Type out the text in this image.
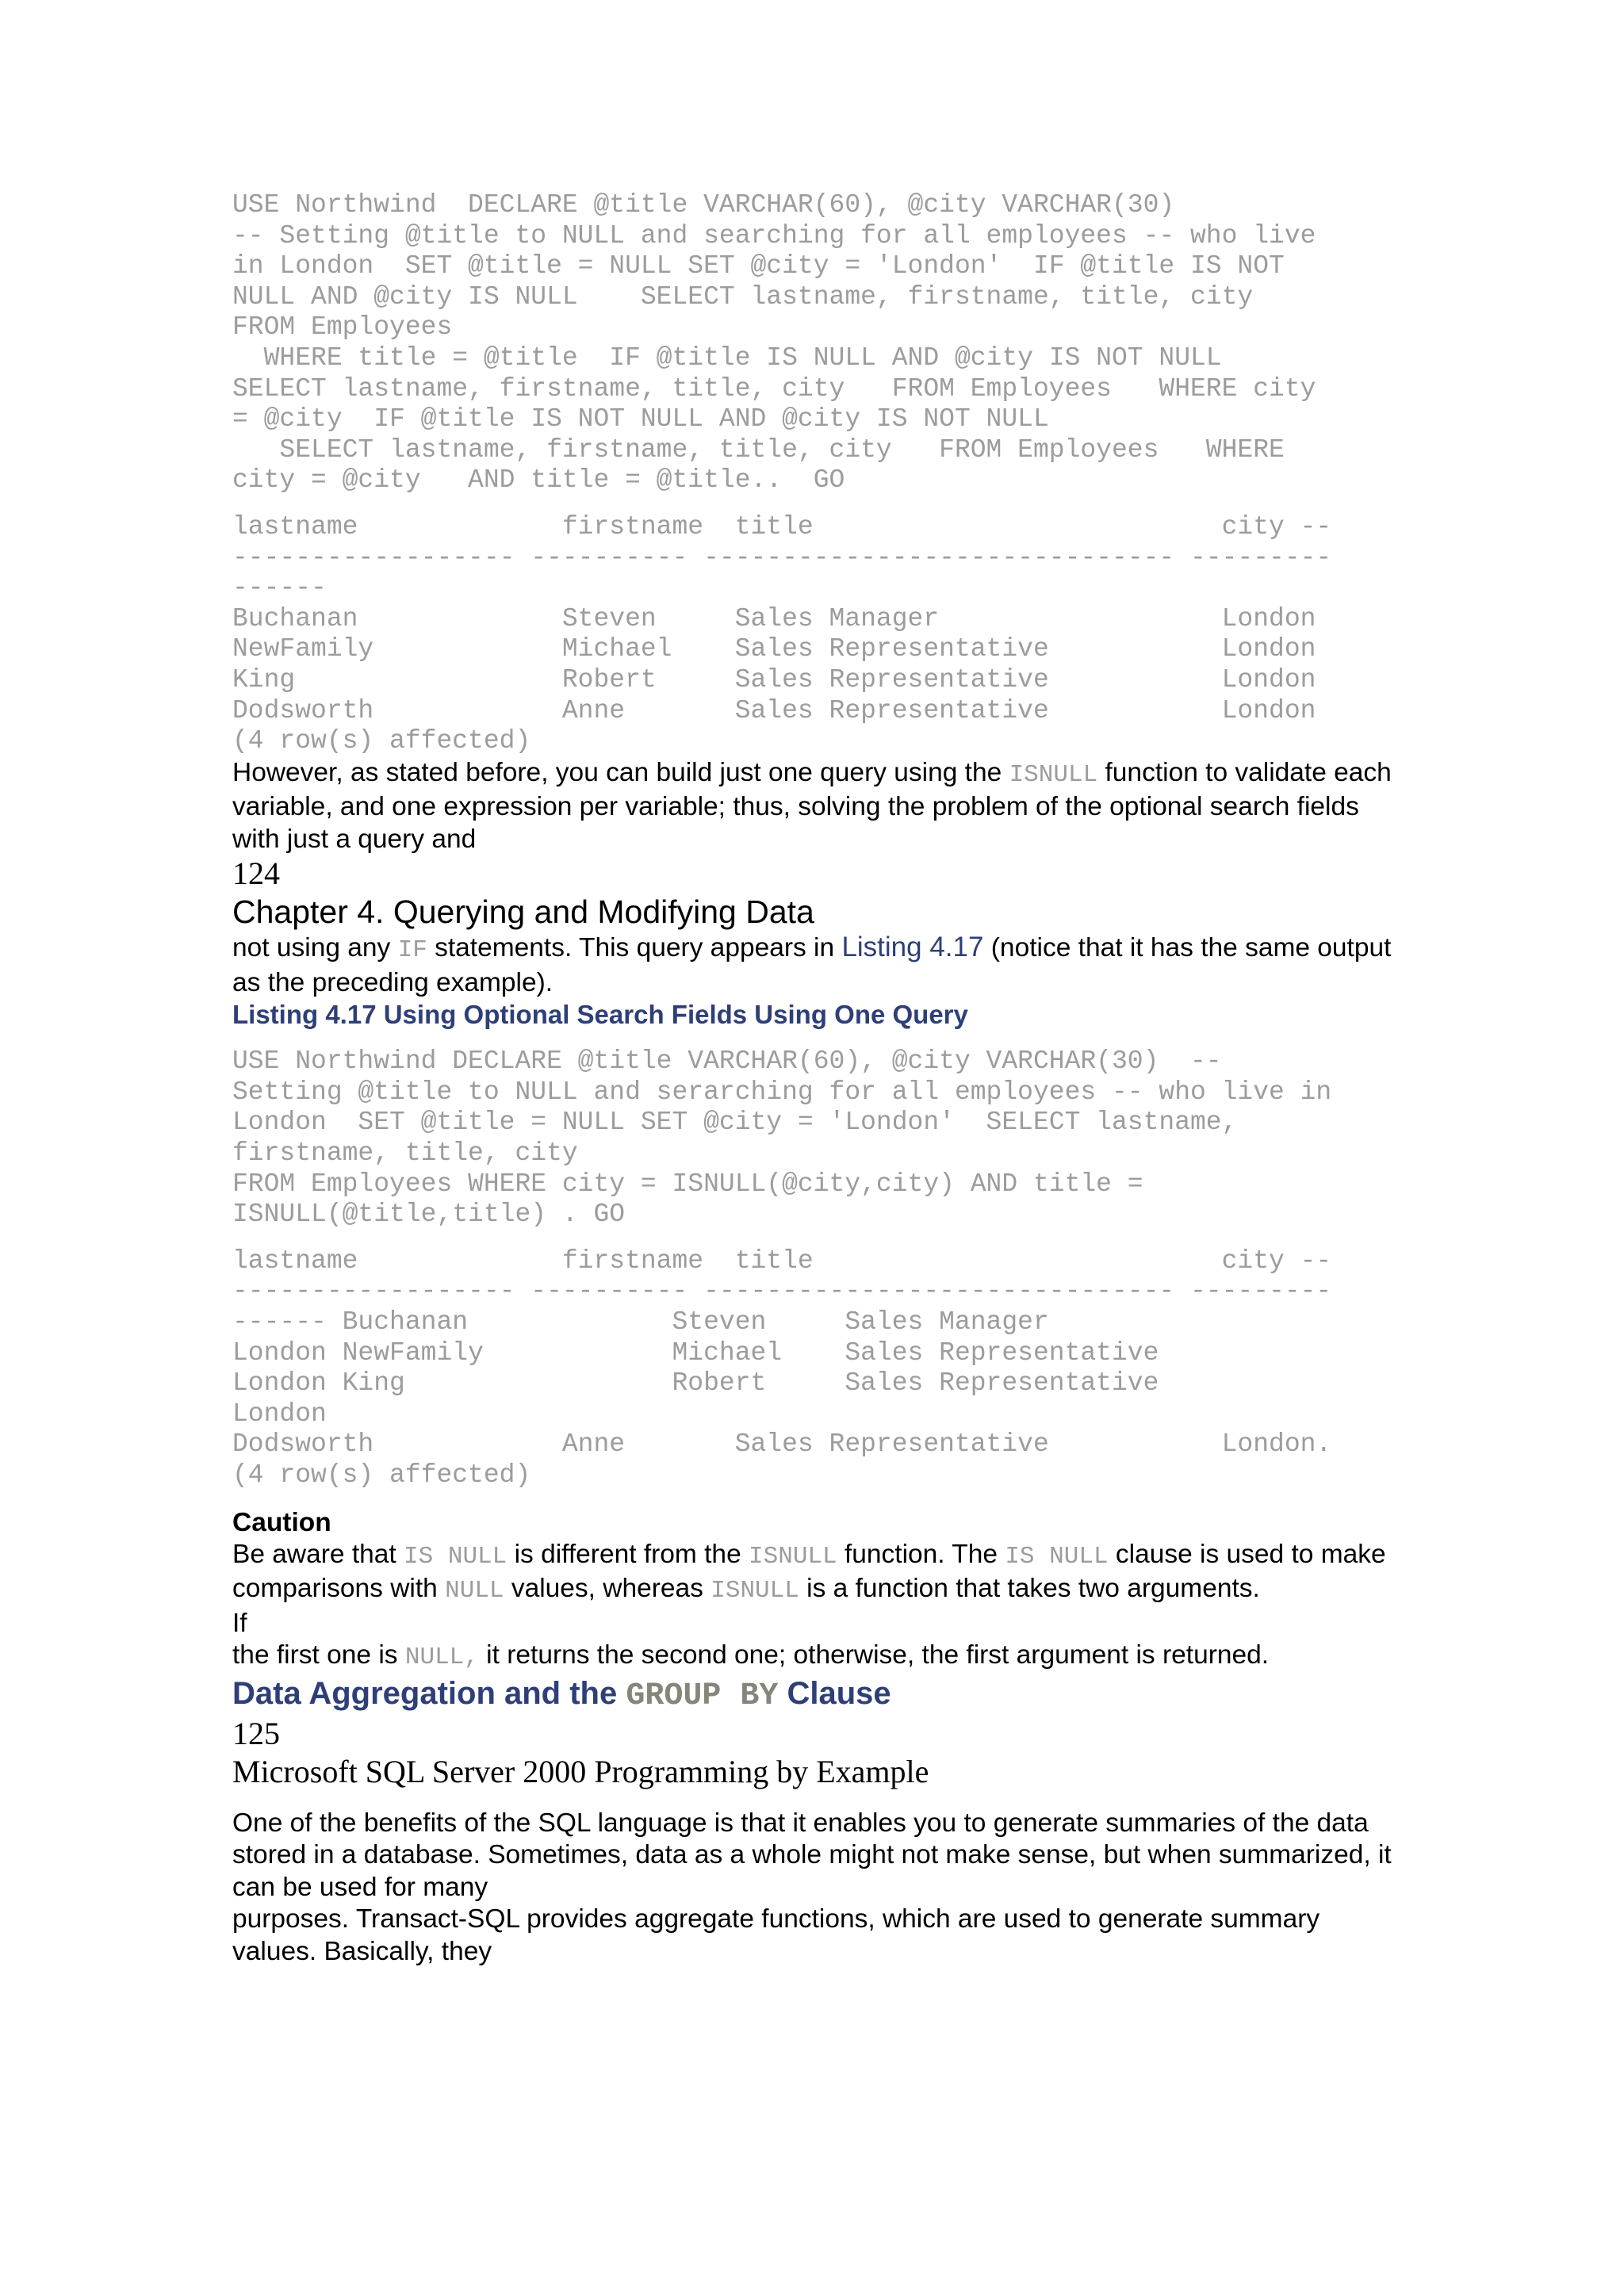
USE Northwind  DECLARE @title VARCHAR(60), @city VARCHAR(30)
-- Setting @title to NULL and searching for all employees -- who live
in London  SET @title = NULL SET @city = 'London'  IF @title IS NOT
NULL AND @city IS NULL    SELECT lastname, firstname, title, city
FROM Employees
WHERE title = @title  IF @title IS NULL AND @city IS NOT NULL
SELECT lastname, firstname, title, city   FROM Employees   WHERE city
= @city  IF @title IS NOT NULL AND @city IS NOT NULL
SELECT lastname, firstname, title, city   FROM Employees   WHERE
city = @city   AND title = @title..  GO
lastname             firstname  title                          city --
------------------ ---------- ------------------------------ ---------
------
Buchanan             Steven     Sales Manager                  London
NewFamily            Michael    Sales Representative           London
King                 Robert     Sales Representative           London
Dodsworth            Anne       Sales Representative           London
(4 row(s) affected)

However, as stated before, you can build just one query using the ISNULL function to validate each variable, and one expression per variable; thus, solving the problem of the optional search fields with just a query and

124

Chapter 4. Querying and Modifying Data

not using any IF statements. This query appears in Listing 4.17 (notice that it has the same output as the preceding example).

Listing 4.17 Using Optional Search Fields Using One Query

USE Northwind DECLARE @title VARCHAR(60), @city VARCHAR(30)  --
Setting @title to NULL and serarching for all employees -- who live in
London  SET @title = NULL SET @city = 'London'  SELECT lastname,
firstname, title, city
FROM Employees WHERE city = ISNULL(@city,city) AND title =
ISNULL(@title,title) . GO
lastname             firstname  title                          city --
------------------ ---------- ------------------------------ ---------
------ Buchanan             Steven     Sales Manager
London NewFamily            Michael    Sales Representative
London King                 Robert     Sales Representative
London
Dodsworth            Anne       Sales Representative           London.
(4 row(s) affected)

Caution

Be aware that IS NULL is different from the ISNULL function. The IS NULL clause is used to make comparisons with NULL values, whereas ISNULL is a function that takes two arguments.
If
the first one is NULL, it returns the second one; otherwise, the first argument is returned.

Data Aggregation and the GROUP BY Clause

125

Microsoft SQL Server 2000 Programming by Example

One of the benefits of the SQL language is that it enables you to generate summaries of the data stored in a database. Sometimes, data as a whole might not make sense, but when summarized, it can be used for many

purposes. Transact-SQL provides aggregate functions, which are used to generate summary values. Basically, they
